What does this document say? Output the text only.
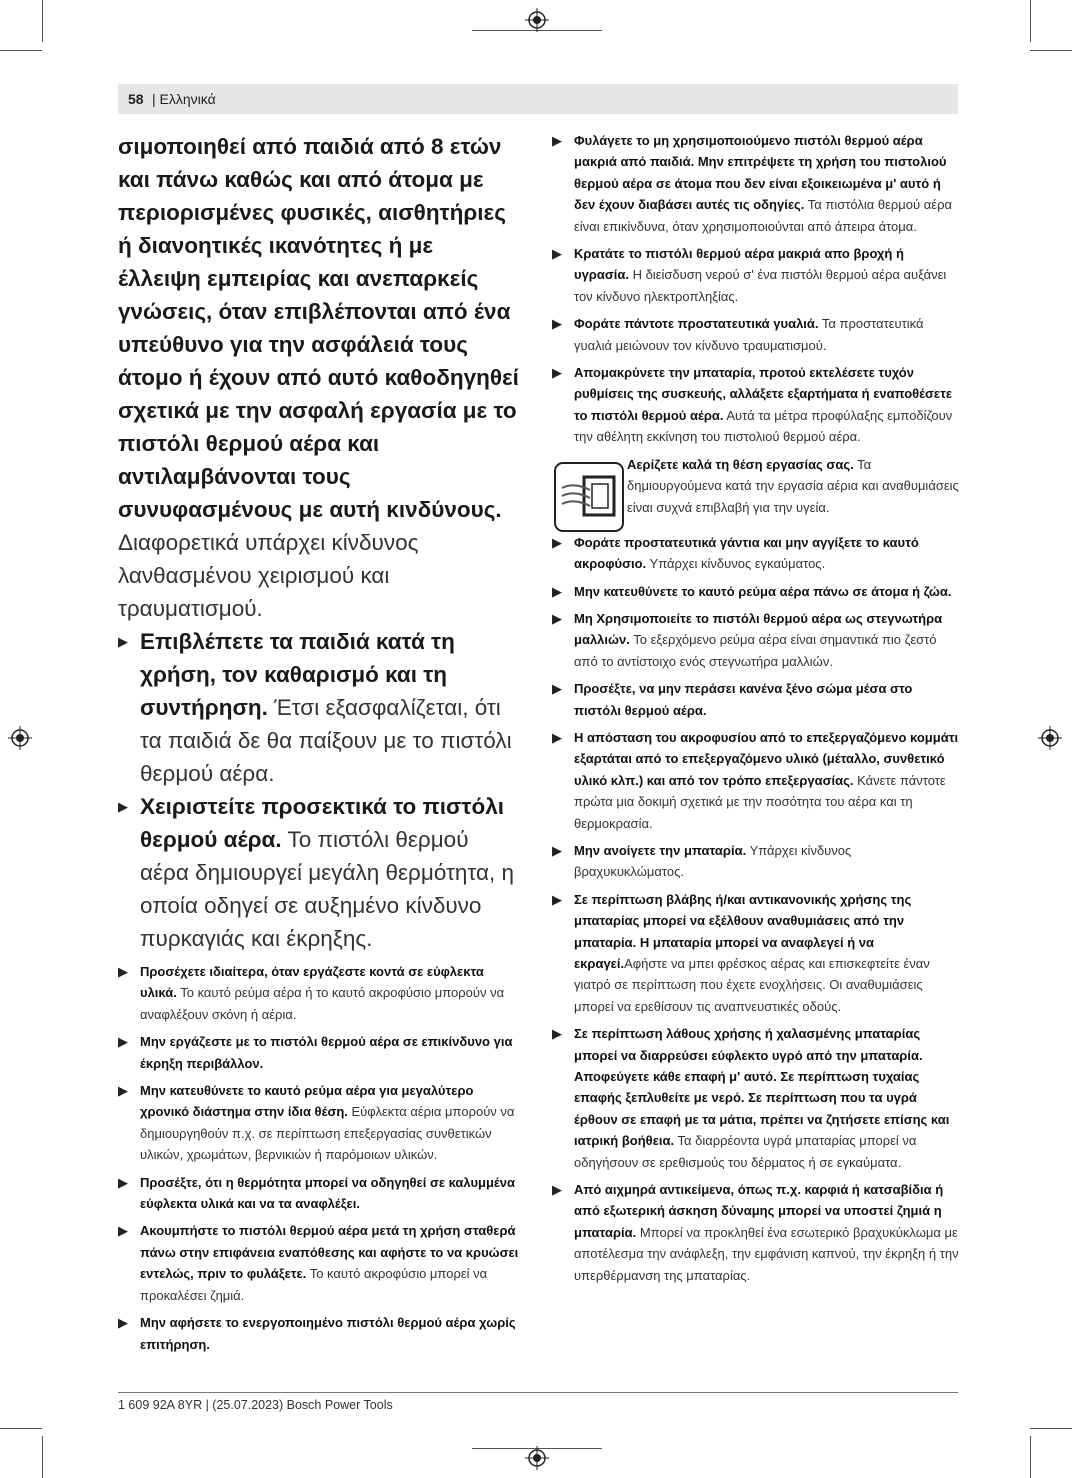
58 | Ελληνικά
σιμοποιηθεί από παιδιά από 8 ετών και πάνω καθώς και από άτομα με περιορισμένες φυσικές, αισθητήριες ή διανοητικές ικανότητες ή με έλλειψη εμπειρίας και ανεπαρκείς γνώσεις, όταν επιβλέπονται από ένα υπεύθυνο για την ασφάλειά τους άτομο ή έχουν από αυτό καθοδηγηθεί σχετικά με την ασφαλή εργασία με το πιστόλι θερμού αέρα και αντιλαμβάνονται τους συνυφασμένους με αυτή κινδύνους. Διαφορετικά υπάρχει κίνδυνος λανθασμένου χειρισμού και τραυματισμού.
▶ Επιβλέπετε τα παιδιά κατά τη χρήση, τον καθαρισμό και τη συντήρηση. Έτσι εξασφαλίζεται, ότι τα παιδιά δε θα παίξουν με το πιστόλι θερμού αέρα.
▶ Χειριστείτε προσεκτικά το πιστόλι θερμού αέρα. Το πιστόλι θερμού αέρα δημιουργεί μεγάλη θερμότητα, η οποία οδηγεί σε αυξημένο κίνδυνο πυρκαγιάς και έκρηξης.
▶ Προσέχετε ιδιαίτερα, όταν εργάζεστε κοντά σε εύφλεκτα υλικά. Το καυτό ρεύμα αέρα ή το καυτό ακροφύσιο μπορούν να αναφλέξουν σκόνη ή αέρια.
▶ Μην εργάζεστε με το πιστόλι θερμού αέρα σε επικίνδυνο για έκρηξη περιβάλλον.
▶ Μην κατευθύνετε το καυτό ρεύμα αέρα για μεγαλύτερο χρονικό διάστημα στην ίδια θέση. Εύφλεκτα αέρια μπορούν να δημιουργηθούν π.χ. σε περίπτωση επεξεργασίας συνθετικών υλικών, χρωμάτων, βερνικιών ή παρόμοιων υλικών.
▶ Προσέξτε, ότι η θερμότητα μπορεί να οδηγηθεί σε καλυμμένα εύφλεκτα υλικά και να τα αναφλέξει.
▶ Ακουμπήστε το πιστόλι θερμού αέρα μετά τη χρήση σταθερά πάνω στην επιφάνεια εναπόθεσης και αφήστε το να κρυώσει εντελώς, πριν το φυλάξετε. Το καυτό ακροφύσιο μπορεί να προκαλέσει ζημιά.
▶ Μην αφήσετε το ενεργοποιημένο πιστόλι θερμού αέρα χωρίς επιτήρηση.
▶ Φυλάγετε το μη χρησιμοποιούμενο πιστόλι θερμού αέρα μακριά από παιδιά. Μην επιτρέψετε τη χρήση του πιστολιού θερμού αέρα σε άτομα που δεν είναι εξοικειωμένα μ' αυτό ή δεν έχουν διαβάσει αυτές τις οδηγίες. Τα πιστόλια θερμού αέρα είναι επικίνδυνα, όταν χρησιμοποιούνται από άπειρα άτομα.
▶ Κρατάτε το πιστόλι θερμού αέρα μακριά απο βροχή ή υγρασία. Η διείσδυση νερού σ' ένα πιστόλι θερμού αέρα αυξάνει τον κίνδυνο ηλεκτροπληξίας.
▶ Φοράτε πάντοτε προστατευτικά γυαλιά. Τα προστατευτικά γυαλιά μειώνουν τον κίνδυνο τραυματισμού.
▶ Απομακρύνετε την μπαταρία, προτού εκτελέσετε τυχόν ρυθμίσεις της συσκευής, αλλάξετε εξαρτήματα ή εναποθέσετε το πιστόλι θερμού αέρα. Αυτά τα μέτρα προφύλαξης εμποδίζουν την αθέλητη εκκίνηση του πιστολιού θερμού αέρα.
Αερίζετε καλά τη θέση εργασίας σας. Τα δημιουργούμενα κατά την εργασία αέρια και αναθυμιάσεις είναι συχνά επιβλαβή για την υγεία.
▶ Φοράτε προστατευτικά γάντια και μην αγγίξετε το καυτό ακροφύσιο. Υπάρχει κίνδυνος εγκαύματος.
▶ Μην κατευθύνετε το καυτό ρεύμα αέρα πάνω σε άτομα ή ζώα.
▶ Μη Χρησιμοποιείτε το πιστόλι θερμού αέρα ως στεγνωτήρα μαλλιών. Το εξερχόμενο ρεύμα αέρα είναι σημαντικά πιο ζεστό από το αντίστοιχο ενός στεγνωτήρα μαλλιών.
▶ Προσέξτε, να μην περάσει κανένα ξένο σώμα μέσα στο πιστόλι θερμού αέρα.
▶ Η απόσταση του ακροφυσίου από το επεξεργαζόμενο κομμάτι εξαρτάται από το επεξεργαζόμενο υλικό (μέταλλο, συνθετικό υλικό κλπ.) και από τον τρόπο επεξεργασίας. Κάνετε πάντοτε πρώτα μια δοκιμή σχετικά με την ποσότητα του αέρα και τη θερμοκρασία.
▶ Μην ανοίγετε την μπαταρία. Υπάρχει κίνδυνος βραχυκυκλώματος.
▶ Σε περίπτωση βλάβης ή/και αντικανονικής χρήσης της μπαταρίας μπορεί να εξέλθουν αναθυμιάσεις από την μπαταρία. Η μπαταρία μπορεί να αναφλεγεί ή να εκραγεί.Αφήστε να μπει φρέσκος αέρας και επισκεφτείτε έναν γιατρό σε περίπτωση που έχετε ενοχλήσεις. Οι αναθυμιάσεις μπορεί να ερεθίσουν τις αναπνευστικές οδούς.
▶ Σε περίπτωση λάθους χρήσης ή χαλασμένης μπαταρίας μπορεί να διαρρεύσει εύφλεκτο υγρό από την μπαταρία. Αποφεύγετε κάθε επαφή μ' αυτό. Σε περίπτωση τυχαίας επαφής ξεπλυθείτε με νερό. Σε περίπτωση που τα υγρά έρθουν σε επαφή με τα μάτια, πρέπει να ζητήσετε επίσης και ιατρική βοήθεια. Τα διαρρέοντα υγρά μπαταρίας μπορεί να οδηγήσουν σε ερεθισμούς του δέρματος ή σε εγκαύματα.
▶ Από αιχμηρά αντικείμενα, όπως π.χ. καρφιά ή κατσαβίδια ή από εξωτερική άσκηση δύναμης μπορεί να υποστεί ζημιά η μπαταρία. Μπορεί να προκληθεί ένα εσωτερικό βραχυκύκλωμα με αποτέλεσμα την ανάφλεξη, την εμφάνιση καπνού, την έκρηξη ή την υπερθέρμανση της μπαταρίας.
1 609 92A 8YR | (25.07.2023) Bosch Power Tools
